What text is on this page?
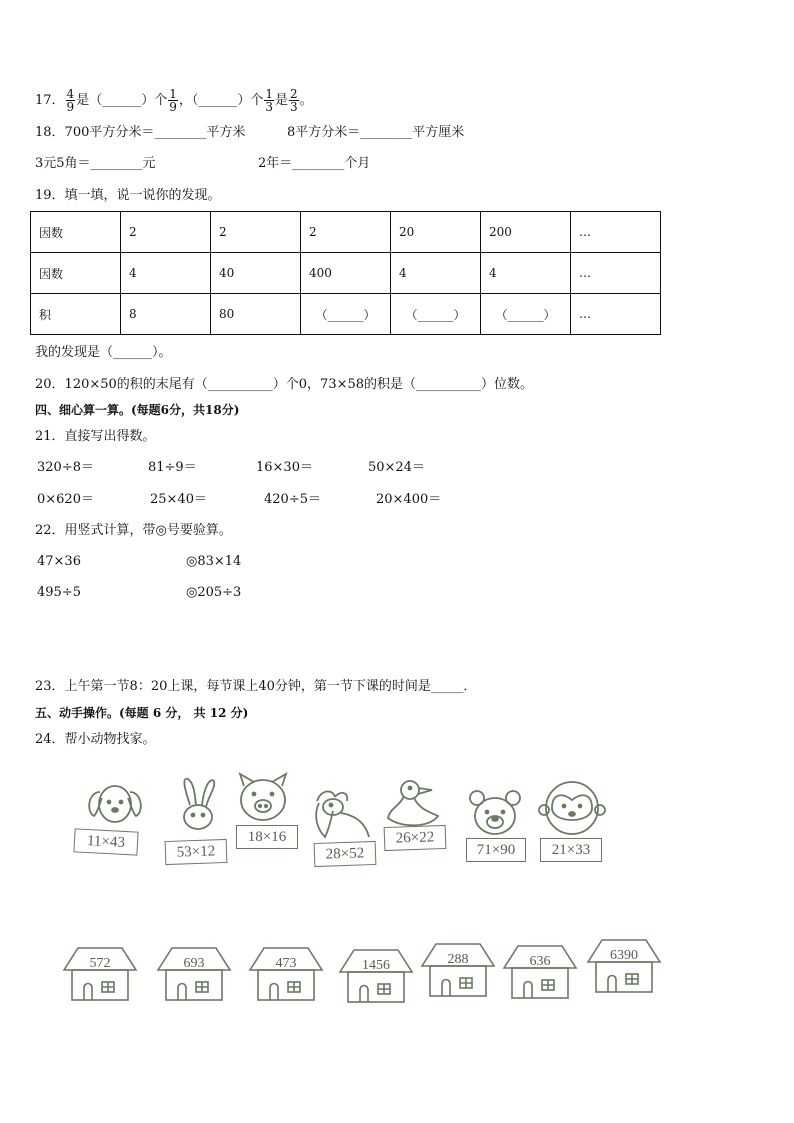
17． $\frac{4}{9}$ 是（______）个 $\frac{1}{9}$ ，（______）个 $\frac{1}{3}$ 是 $\frac{2}{3}$ 。
18．700平方分米＝________平方米	8平方分米＝________平方厘米
3元5角＝________元	2年＝________个月
19．填一填，说一说你的发现。
因数	2	2	2	20	200	…
因数	4	40	400	4	4	…
积	8	80	（______）	（______）	（______）	…
我的发现是（______）。
20．120×50的积的末尾有（__________）个0，73×58的积是（__________）位数。
四、细心算一算。(每题6分，共18分)
21．直接写出得数。
320÷8＝	81÷9＝	16×30＝	50×24＝
0×620＝	25×40＝	420÷5＝	20×400＝
22．用竖式计算，带◎号要验算。
47×36	◎83×14
495÷5	◎205÷3
23．上午第一节8：20上课，每节课上40分钟，第一节下课的时间是_____．
五、动手操作。(每题 6 分， 共 12 分)
24．帮小动物找家。
11×43
53×12
18×16
28×52
26×22
71×90	21×33
572	693	473	1456	288	636	6390
